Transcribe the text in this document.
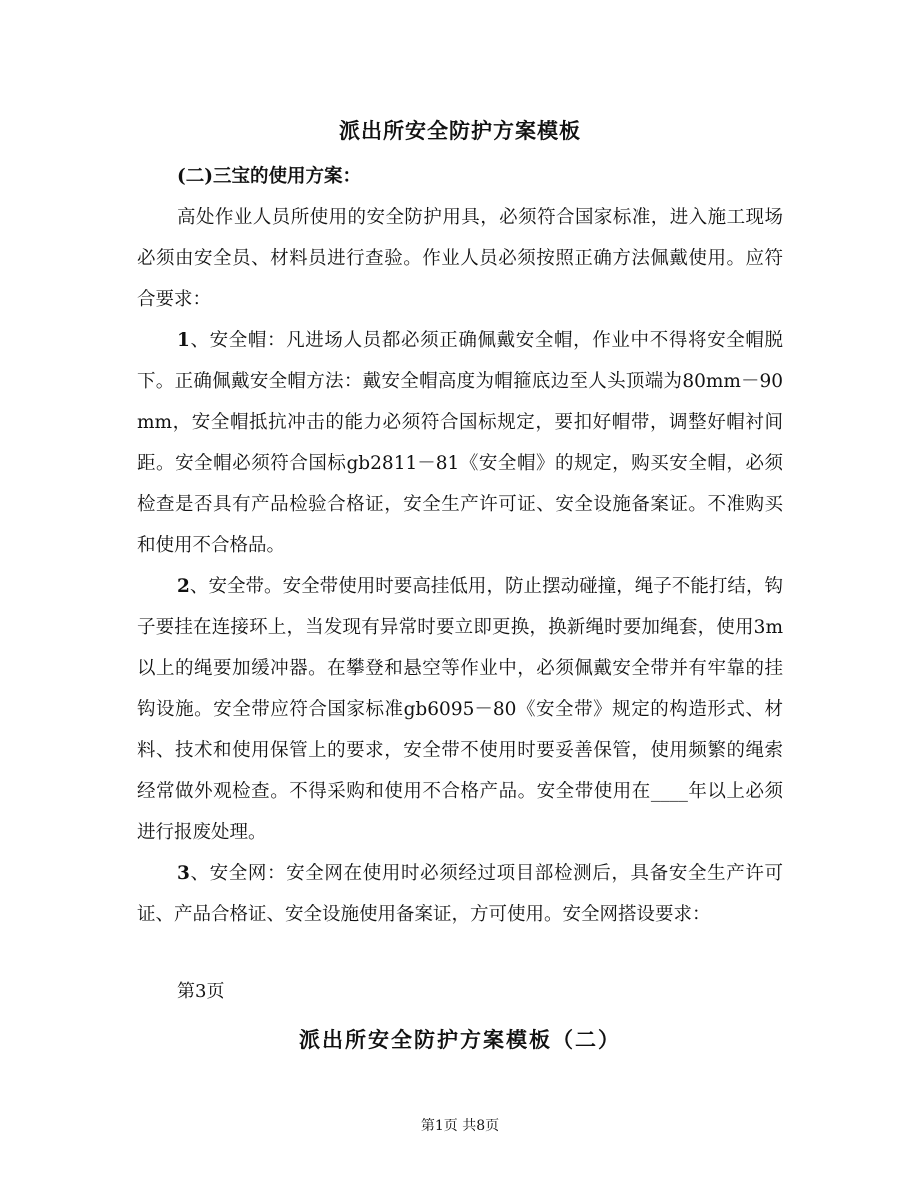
派出所安全防护方案模板

(二)三宝的使用方案：

高处作业人员所使用的安全防护用具，必须符合国家标准，进入施工现场必须由安全员、材料员进行查验。作业人员必须按照正确方法佩戴使用。应符合要求：

1、安全帽：凡进场人员都必须正确佩戴安全帽，作业中不得将安全帽脱下。正确佩戴安全帽方法：戴安全帽高度为帽箍底边至人头顶端为80mm－90mm，安全帽抵抗冲击的能力必须符合国标规定，要扣好帽带，调整好帽衬间距。安全帽必须符合国标gb2811－81《安全帽》的规定，购买安全帽，必须检查是否具有产品检验合格证，安全生产许可证、安全设施备案证。不准购买和使用不合格品。

2、安全带。安全带使用时要高挂低用，防止摆动碰撞，绳子不能打结，钩子要挂在连接环上，当发现有异常时要立即更换，换新绳时要加绳套，使用3m以上的绳要加缓冲器。在攀登和悬空等作业中，必须佩戴安全带并有牢靠的挂钩设施。安全带应符合国家标准gb6095－80《安全带》规定的构造形式、材料、技术和使用保管上的要求，安全带不使用时要妥善保管，使用频繁的绳索经常做外观检查。不得采购和使用不合格产品。安全带使用在____年以上必须进行报废处理。

3、安全网：安全网在使用时必须经过项目部检测后，具备安全生产许可证、产品合格证、安全设施使用备案证，方可使用。安全网搭设要求：

第3页

派出所安全防护方案模板（二）

第1页 共8页
